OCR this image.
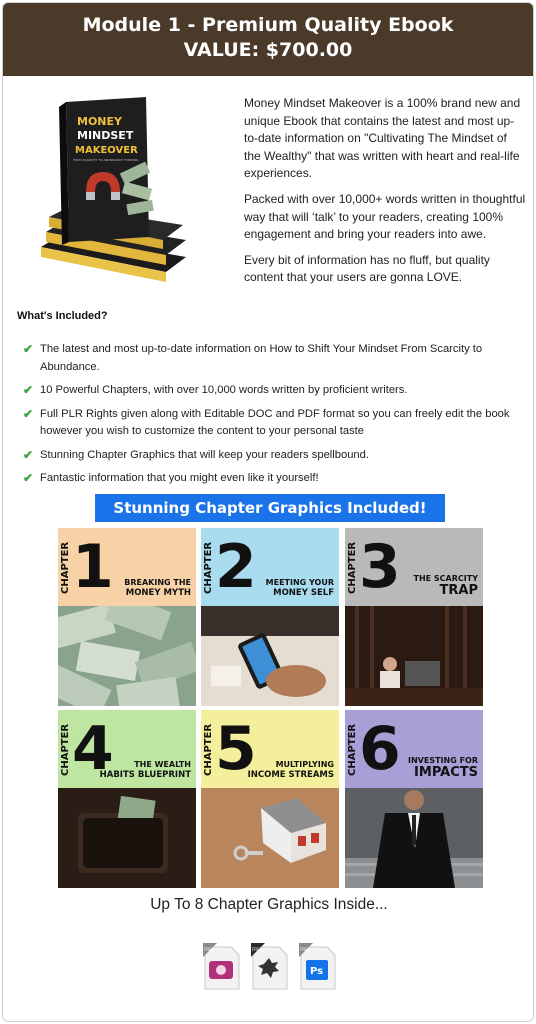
Module 1 - Premium Quality Ebook
VALUE: $700.00
MONEY
MINDSET
MAKEOVER
FROM SCARCITY TO ABUNDANCE THINKING

Money Mindset Makeover is a 100% brand new and unique Ebook that contains the latest and most up-to-date information on "Cultivating The Mindset of the Wealthy" that was written with heart and real-life experiences.

Packed with over 10,000+ words written in thoughtful way that will ‘talk’ to your readers, creating 100% engagement and bring your readers into awe.

Every bit of information has no fluff, but quality content that your users are gonna LOVE.

What's Included?
✔ The latest and most up-to-date information on How to Shift Your Mindset From Scarcity to Abundance.
✔ 10 Powerful Chapters, with over 10,000 words written by proficient writers.
✔ Full PLR Rights given along with Editable DOC and PDF format so you can freely edit the book however you wish to customize the content to your personal taste
✔ Stunning Chapter Graphics that will keep your readers spellbound.
✔ Fantastic information that you might even like it yourself!
Stunning Chapter Graphics Included!
CHAPTER 1 BREAKING THE
MONEY MYTH CHAPTER 2 MEETING YOUR
MONEY SELF CHAPTER 3 THE SCARCITY
TRAP
CHAPTER 4	THE WEALTH
HABITS BLUEPRINT CHAPTER 5	MULTIPLYING
INCOME STREAMS CHAPTER 6 INVESTING FOR
IMPACTS
Up To 8 Chapter Graphics Inside...
FREE	FREE	FREE
Ps
